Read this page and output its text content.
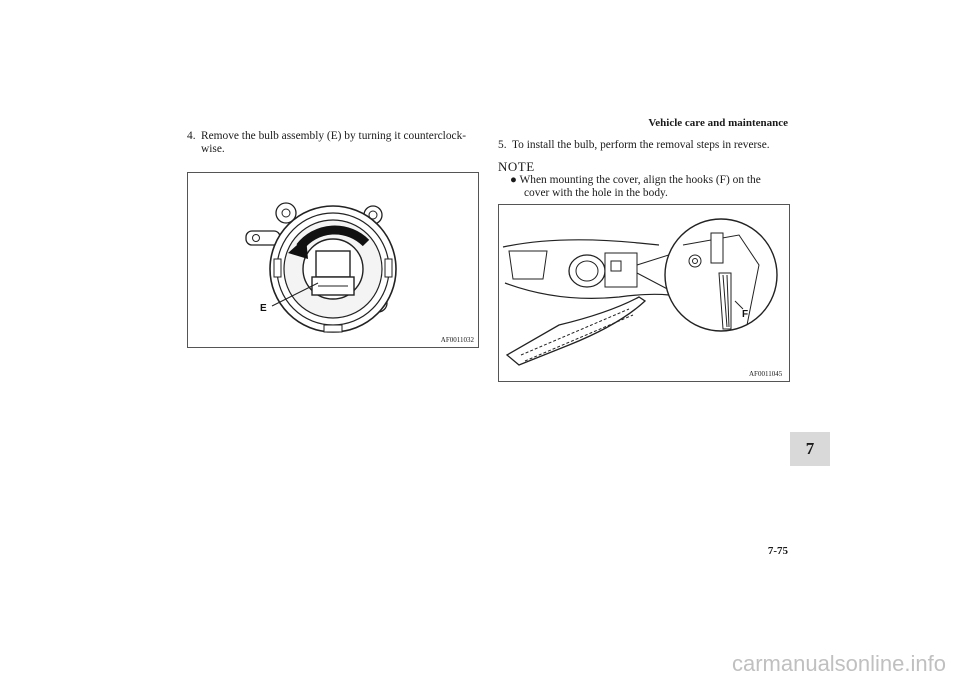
Vehicle care and maintenance
4. Remove the bulb assembly (E) by turning it counterclock-
wise.
E
AF0011032
5. To install the bulb, perform the removal steps in reverse.
NOTE
● When mounting the cover, align the hooks (F) on the
cover with the hole in the body.
F
AF0011045
7
7-75
carmanualsonline.info
